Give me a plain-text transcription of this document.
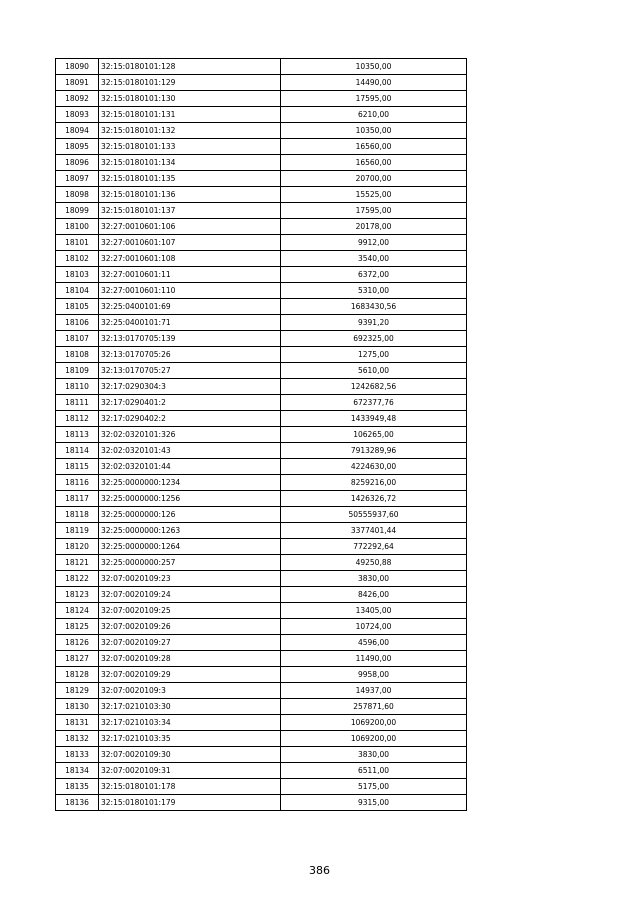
18090	32:15:0180101:128	10350,00
18091	32:15:0180101:129	14490,00
18092	32:15:0180101:130	17595,00
18093	32:15:0180101:131	6210,00
18094	32:15:0180101:132	10350,00
18095	32:15:0180101:133	16560,00
18096	32:15:0180101:134	16560,00
18097	32:15:0180101:135	20700,00
18098	32:15:0180101:136	15525,00
18099	32:15:0180101:137	17595,00
18100	32:27:0010601:106	20178,00
18101	32:27:0010601:107	9912,00
18102	32:27:0010601:108	3540,00
18103	32:27:0010601:11	6372,00
18104	32:27:0010601:110	5310,00
18105	32:25:0400101:69	1683430,56
18106	32:25:0400101:71	9391,20
18107	32:13:0170705:139	692325,00
18108	32:13:0170705:26	1275,00
18109	32:13:0170705:27	5610,00
18110	32:17:0290304:3	1242682,56
18111	32:17:0290401:2	672377,76
18112	32:17:0290402:2	1433949,48
18113	32:02:0320101:326	106265,00
18114	32:02:0320101:43	7913289,96
18115	32:02:0320101:44	4224630,00
18116	32:25:0000000:1234	8259216,00
18117	32:25:0000000:1256	1426326,72
18118	32:25:0000000:126	50555937,60
18119	32:25:0000000:1263	3377401,44
18120	32:25:0000000:1264	772292,64
18121	32:25:0000000:257	49250,88
18122	32:07:0020109:23	3830,00
18123	32:07:0020109:24	8426,00
18124	32:07:0020109:25	13405,00
18125	32:07:0020109:26	10724,00
18126	32:07:0020109:27	4596,00
18127	32:07:0020109:28	11490,00
18128	32:07:0020109:29	9958,00
18129	32:07:0020109:3	14937,00
18130	32:17:0210103:30	257871,60
18131	32:17:0210103:34	1069200,00
18132	32:17:0210103:35	1069200,00
18133	32:07:0020109:30	3830,00
18134	32:07:0020109:31	6511,00
18135	32:15:0180101:178	5175,00
18136	32:15:0180101:179	9315,00
386
